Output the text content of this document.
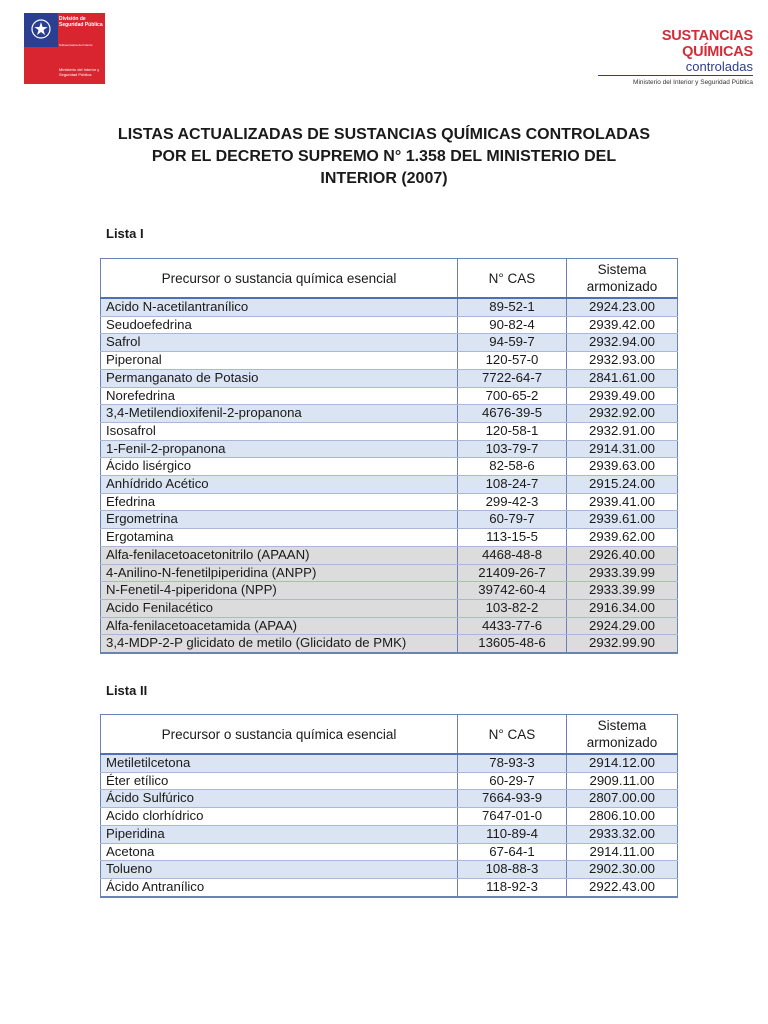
División de Seguridad Pública
Ministerio del Interior y Seguridad Pública
Subsecretaría del Interior
SUSTANCIAS QUÍMICAS
controladas
Ministerio del Interior y Seguridad Pública
LISTAS ACTUALIZADAS DE SUSTANCIAS QUÍMICAS CONTROLADAS
POR EL DECRETO SUPREMO N° 1.358 DEL MINISTERIO DEL
INTERIOR (2007)
Lista I
Precursor o sustancia química esencial	N° CAS	Sistema armonizado
Acido N-acetilantranílico	89-52-1	2924.23.00
Seudoefedrina	90-82-4	2939.42.00
Safrol	94-59-7	2932.94.00
Piperonal	120-57-0	2932.93.00
Permanganato de Potasio	7722-64-7	2841.61.00
Norefedrina	700-65-2	2939.49.00
3,4-Metilendioxifenil-2-propanona	4676-39-5	2932.92.00
Isosafrol	120-58-1	2932.91.00
1-Fenil-2-propanona	103-79-7	2914.31.00
Ácido lisérgico	82-58-6	2939.63.00
Anhídrido Acético	108-24-7	2915.24.00
Efedrina	299-42-3	2939.41.00
Ergometrina	60-79-7	2939.61.00
Ergotamina	113-15-5	2939.62.00
Alfa-fenilacetoacetonitrilo (APAAN)	4468-48-8	2926.40.00
4-Anilino-N-fenetilpiperidina (ANPP)	21409-26-7	2933.39.99
N-Fenetil-4-piperidona (NPP)	39742-60-4	2933.39.99
Acido Fenilacético	103-82-2	2916.34.00
Alfa-fenilacetoacetamida (APAA)	4433-77-6	2924.29.00
3,4-MDP-2-P glicidato de metilo (Glicidato de PMK)	13605-48-6	2932.99.90
Lista II
Precursor o sustancia química esencial	N° CAS	Sistema armonizado
Metiletilcetona	78-93-3	2914.12.00
Éter etílico	60-29-7	2909.11.00
Ácido Sulfúrico	7664-93-9	2807.00.00
Acido clorhídrico	7647-01-0	2806.10.00
Piperidina	110-89-4	2933.32.00
Acetona	67-64-1	2914.11.00
Tolueno	108-88-3	2902.30.00
Ácido Antranílico	118-92-3	2922.43.00
